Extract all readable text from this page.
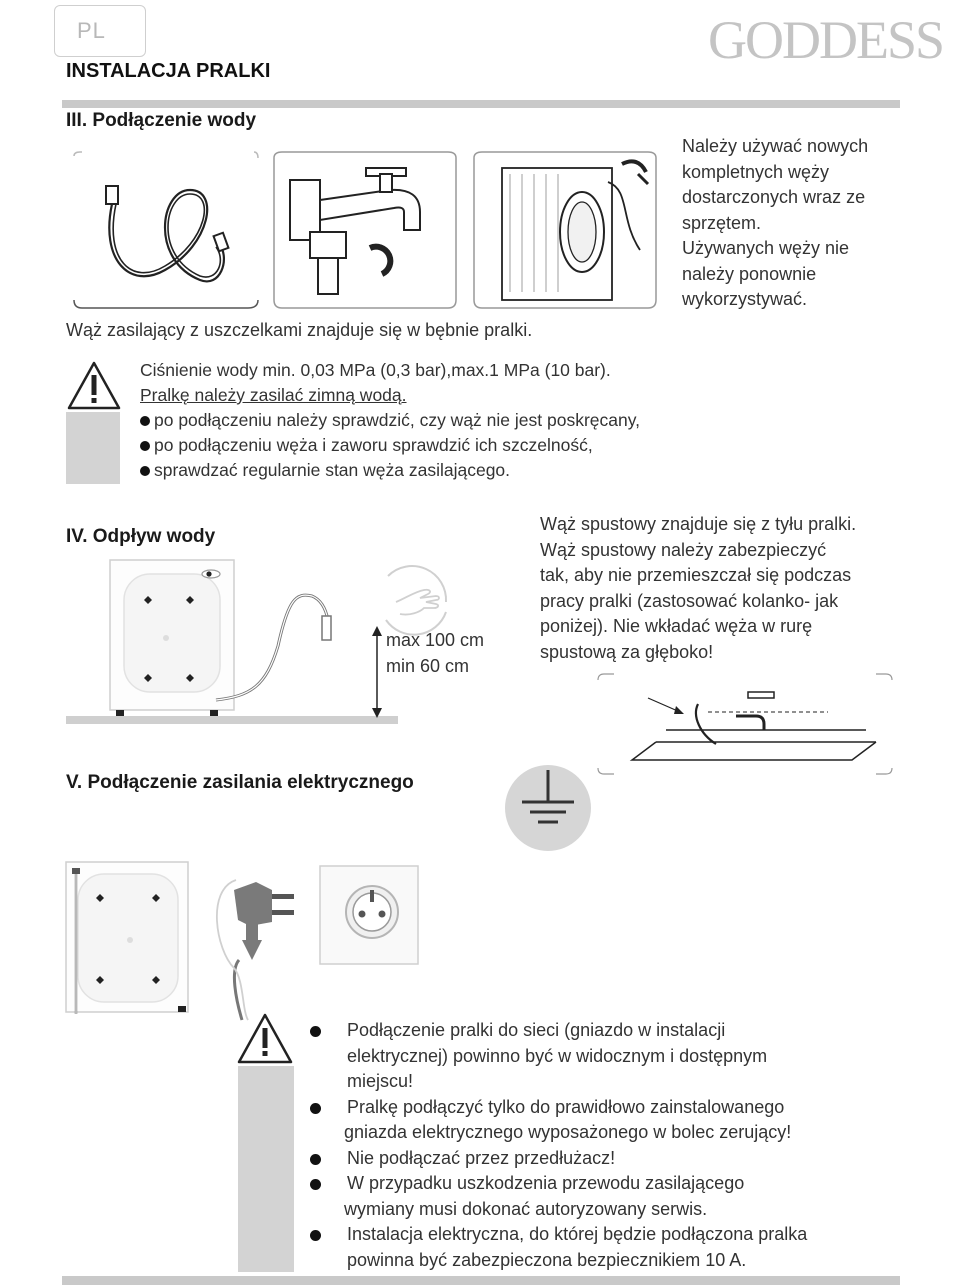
PL	GODDESS
INSTALACJA PRALKI
III. Podłączenie wody
Należy używać nowych
kompletnych węży
dostarczonych wraz ze
sprzętem.
Używanych węży nie
należy ponownie
wykorzystywać.
Wąż zasilający z uszczelkami znajduje się w bębnie pralki.
Ciśnienie wody min. 0,03 MPa (0,3 bar),max.1 MPa (10 bar).
Pralkę należy zasilać zimną wodą.
po podłączeniu należy sprawdzić, czy wąż nie jest poskręcany,
po podłączeniu węża i zaworu sprawdzić ich szczelność,
sprawdzać regularnie stan węża zasilającego.
IV. Odpływ wody
max 100 cm
min 60 cm
Wąż spustowy znajduje się z tyłu pralki.
Wąż spustowy należy zabezpieczyć
tak, aby nie przemieszczał się podczas
pracy pralki (zastosować kolanko- jak
poniżej). Nie wkładać węża w rurę
spustową za głęboko!
V. Podłączenie zasilania elektrycznego
Podłączenie pralki do sieci (gniazdo w instalacji
elektrycznej) powinno być w widocznym i dostępnym
miejscu!
Pralkę podłączyć tylko do prawidłowo zainstalowanego
gniazda elektrycznego wyposażonego w bolec zerujący!
Nie podłączać przez przedłużacz!
W przypadku uszkodzenia przewodu zasilającego
wymiany musi dokonać autoryzowany serwis.
Instalacja elektryczna, do której będzie podłączona pralka
powinna być zabezpieczona bezpiecznikiem 10 A.
